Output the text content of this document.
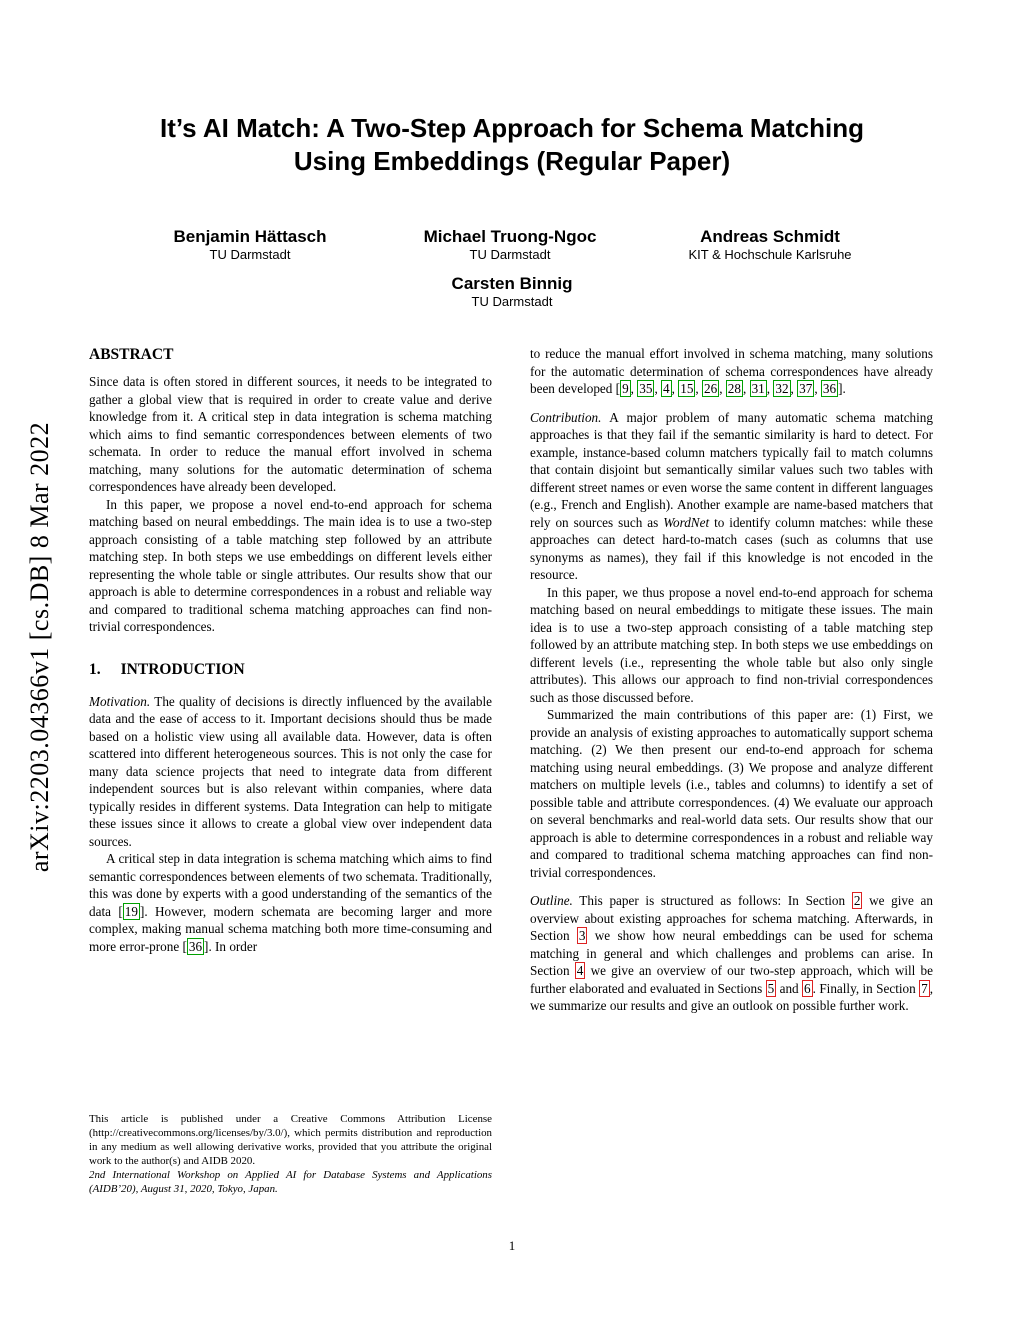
arXiv:2203.04366v1 [cs.DB] 8 Mar 2022
It’s AI Match: A Two-Step Approach for Schema Matching
Using Embeddings (Regular Paper)
Benjamin Hättasch
TU Darmstadt
Michael Truong-Ngoc
TU Darmstadt
Andreas Schmidt
KIT & Hochschule Karlsruhe
Carsten Binnig
TU Darmstadt
ABSTRACT

Since data is often stored in different sources, it needs to be integrated to gather a global view that is required in order to create value and derive knowledge from it. A critical step in data integration is schema matching which aims to find semantic correspondences between elements of two schemata. In order to reduce the manual effort involved in schema matching, many solutions for the automatic determination of schema correspondences have already been developed.

In this paper, we propose a novel end-to-end approach for schema matching based on neural embeddings. The main idea is to use a two-step approach consisting of a table matching step followed by an attribute matching step. In both steps we use embeddings on different levels either representing the whole table or single attributes. Our results show that our approach is able to determine correspondences in a robust and reliable way and compared to traditional schema matching approaches can find non-trivial correspondences.

1. INTRODUCTION

Motivation. The quality of decisions is directly influenced by the available data and the ease of access to it. Important decisions should thus be made based on a holistic view using all available data. However, data is often scattered into different heterogeneous sources. This is not only the case for many data science projects that need to integrate data from different independent sources but is also relevant within companies, where data typically resides in different systems. Data Integration can help to mitigate these issues since it allows to create a global view over independent data sources.

A critical step in data integration is schema matching which aims to find semantic correspondences between elements of two schemata. Traditionally, this was done by experts with a good understanding of the semantics of the data [ 19 ]. However, modern schemata are becoming larger and more complex, making manual schema matching both more time-consuming and more error-prone [ 36 ]. In order

to reduce the manual effort involved in schema matching, many solutions for the automatic determination of schema correspondences have already been developed [ 9 , 35 , 4 , 15 , 26 , 28 , 31 , 32 , 37 , 36 ].

Contribution. A major problem of many automatic schema matching approaches is that they fail if the semantic similarity is hard to detect. For example, instance-based column matchers typically fail to match columns that contain disjoint but semantically similar values such two tables with different street names or even worse the same content in different languages (e.g., French and English). Another example are name-based matchers that rely on sources such as WordNet to identify column matches: while these approaches can detect hard-to-match cases (such as columns that use synonyms as names), they fail if this knowledge is not encoded in the resource.

In this paper, we thus propose a novel end-to-end approach for schema matching based on neural embeddings to mitigate these issues. The main idea is to use a two-step approach consisting of a table matching step followed by an attribute matching step. In both steps we use embeddings on different levels (i.e., representing the whole table but also only single attributes). This allows our approach to find non-trivial correspondences such as those discussed before.

Summarized the main contributions of this paper are: (1) First, we provide an analysis of existing approaches to automatically support schema matching. (2) We then present our end-to-end approach for schema matching using neural embeddings. (3) We propose and analyze different matchers on multiple levels (i.e., tables and columns) to identify a set of possible table and attribute correspondences. (4) We evaluate our approach on several benchmarks and real-world data sets. Our results show that our approach is able to determine correspondences in a robust and reliable way and compared to traditional schema matching approaches can find non-trivial correspondences.

Outline. This paper is structured as follows: In Section 2 we give an overview about existing approaches for schema matching. Afterwards, in Section 3 we show how neural embeddings can be used for schema matching in general and which challenges and problems can arise. In Section 4 we give an overview of our two-step approach, which will be further elaborated and evaluated in Sections 5 and 6 . Finally, in Section 7 , we summarize our results and give an outlook on possible further work.

This article is published under a Creative Commons Attribution License (http://creativecommons.org/licenses/by/3.0/), which permits distribution and reproduction in any medium as well allowing derivative works, provided that you attribute the original work to the author(s) and AIDB 2020.

2nd International Workshop on Applied AI for Database Systems and Applications (AIDB’20), August 31, 2020, Tokyo, Japan.

1
